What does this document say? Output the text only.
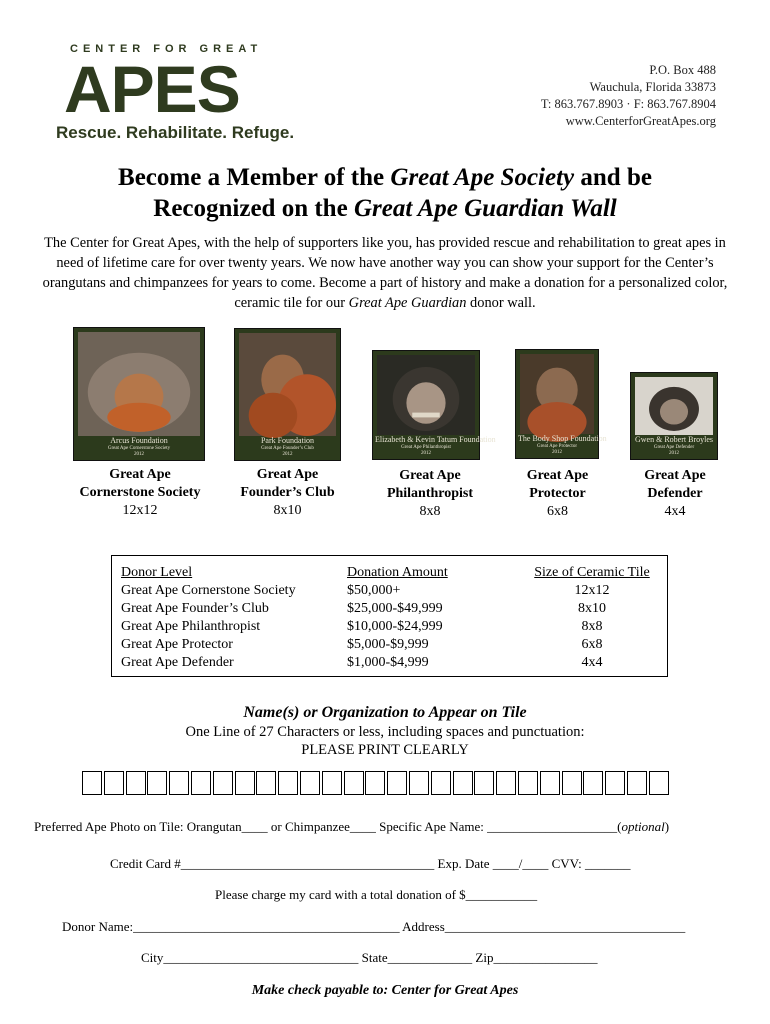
CENTER FOR GREAT
APES
Rescue. Rehabilitate. Refuge.
P.O. Box 488
Wauchula, Florida 33873
T: 863.767.8903 · F: 863.767.8904
www.CenterforGreatApes.org
Become a Member of the Great Ape Society and be
Recognized on the Great Ape Guardian Wall
The Center for Great Apes, with the help of supporters like you, has provided rescue and rehabilitation to great apes in need of lifetime care for over twenty years. We now have another way you can show your support for the Center’s orangutans and chimpanzees for years to come. Become a part of history and make a donation for a personalized color, ceramic tile for our Great Ape Guardian donor wall.
Arcus Foundation
Great Ape Cornerstone Society
2012
Great Ape
Cornerstone Society
12x12
Park Foundation
Great Ape Founder’s Club
2012
Great Ape
Founder’s Club
8x10
Elizabeth & Kevin Tatum Foundation
Great Ape Philanthropist
2012
Great Ape
Philanthropist
8x8
The Body Shop Foundation
Great Ape Protector
2012
Great Ape
Protector
6x8
Gwen & Robert Broyles
Great Ape Defender
2012
Great Ape
Defender
4x4
Donor Level
Great Ape Cornerstone Society
Great Ape Founder’s Club
Great Ape Philanthropist
Great Ape Protector
Great Ape Defender
Donation Amount
$50,000+
$25,000-$49,999
$10,000-$24,999
$5,000-$9,999
$1,000-$4,999
Size of Ceramic Tile
12x12
8x10
8x8
6x8
4x4
Name(s) or Organization to Appear on Tile
One Line of 27 Characters or less, including spaces and punctuation:
PLEASE PRINT CLEARLY
Preferred Ape Photo on Tile: Orangutan____ or Chimpanzee____ Specific Ape Name: ____________________(optional)
Credit Card #_______________________________________ Exp. Date ____/____ CVV: _______
Please charge my card with a total donation of $___________
Donor Name:_________________________________________ Address_____________________________________
City______________________________ State_____________ Zip________________
Make check payable to: Center for Great Apes
